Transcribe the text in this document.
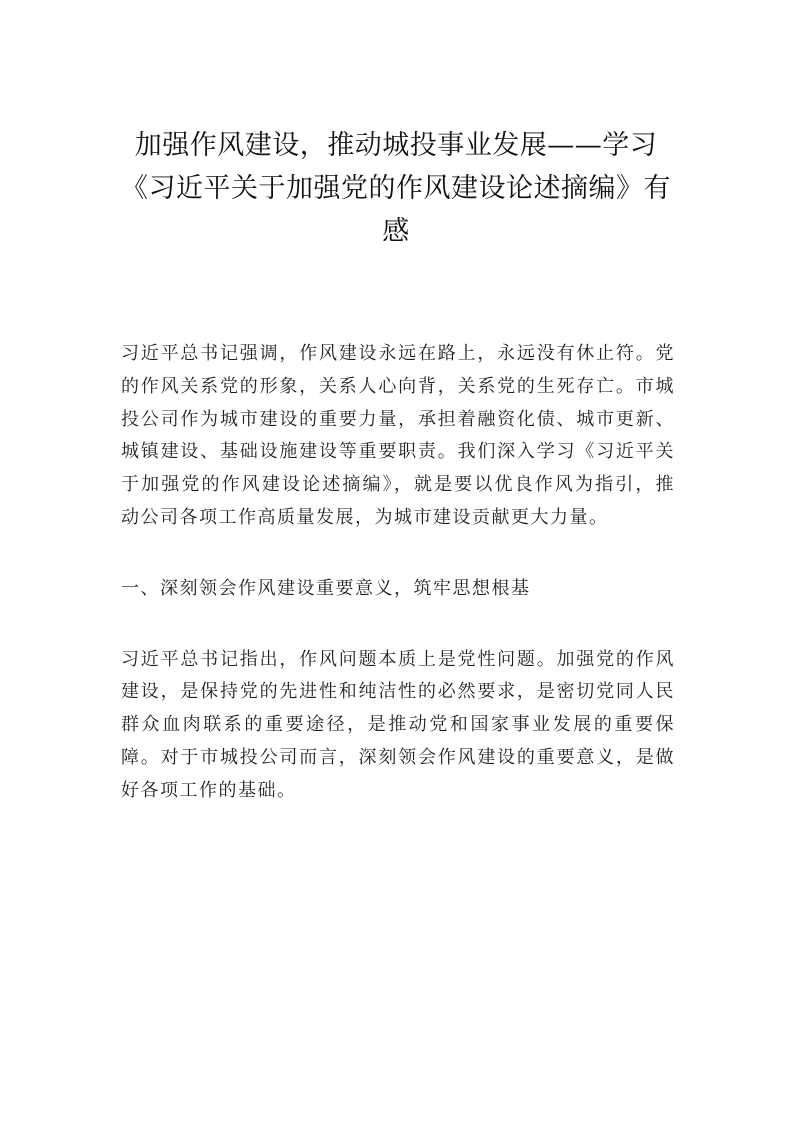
加强作风建设，推动城投事业发展——学习《习近平关于加强党的作风建设论述摘编》有感

习近平总书记强调，作风建设永远在路上，永远没有休止符。党的作风关系党的形象，关系人心向背，关系党的生死存亡。市城投公司作为城市建设的重要力量，承担着融资化债、城市更新、城镇建设、基础设施建设等重要职责。我们深入学习《习近平关于加强党的作风建设论述摘编》，就是要以优良作风为指引，推动公司各项工作高质量发展，为城市建设贡献更大力量。

一、深刻领会作风建设重要意义，筑牢思想根基

习近平总书记指出，作风问题本质上是党性问题。加强党的作风建设，是保持党的先进性和纯洁性的必然要求，是密切党同人民群众血肉联系的重要途径，是推动党和国家事业发展的重要保障。对于市城投公司而言，深刻领会作风建设的重要意义，是做好各项工作的基础。
